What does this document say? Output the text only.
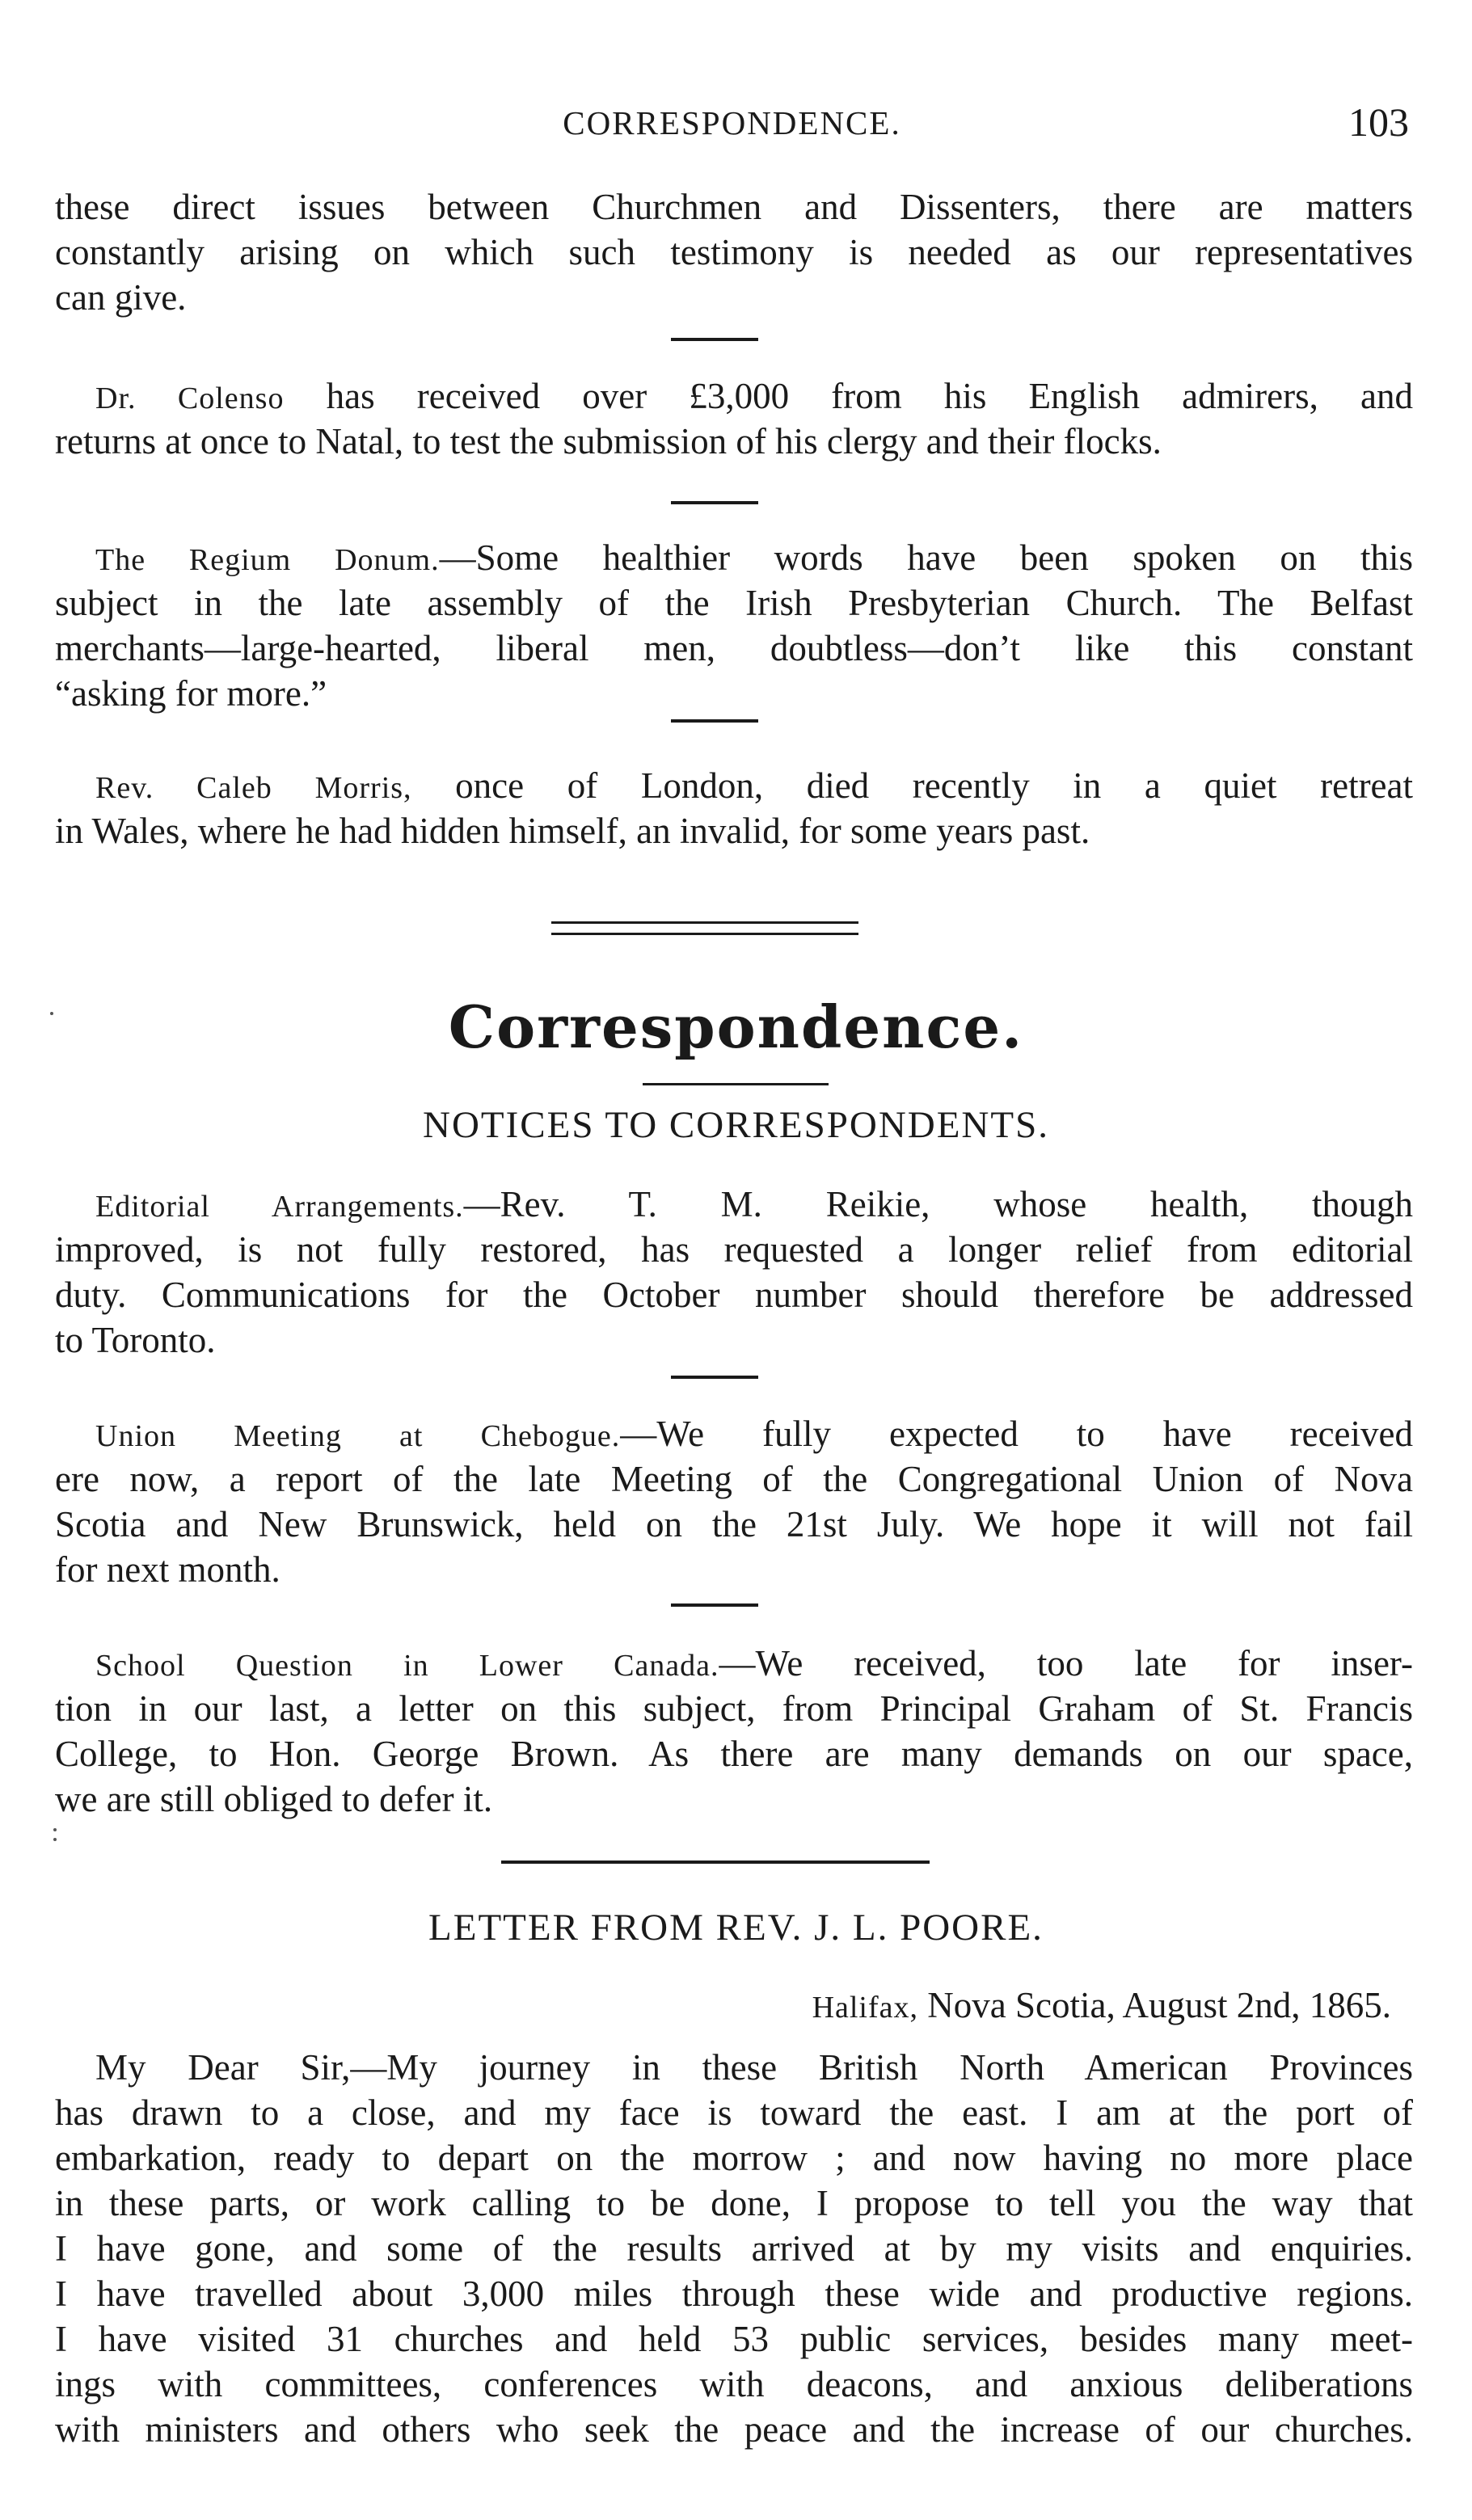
CORRESPONDENCE.	103
these direct issues between Churchmen and Dissenters, there are matters
constantly arising on which such testimony is needed as our representatives
can give.
Dr. Colenso has received over £3,000 from his English admirers, and
returns at once to Natal, to test the submission of his clergy and their flocks.
The Regium Donum.—Some healthier words have been spoken on this
subject in the late assembly of the Irish Presbyterian Church. The Belfast
merchants—large-hearted, liberal men, doubtless—don’t like this constant
“asking for more.”
Rev. Caleb Morris, once of London, died recently in a quiet retreat
in Wales, where he had hidden himself, an invalid, for some years past.
Correspondence.
NOTICES TO CORRESPONDENTS.
Editorial Arrangements.—Rev. T. M. Reikie, whose health, though
improved, is not fully restored, has requested a longer relief from editorial
duty. Communications for the October number should therefore be addressed
to Toronto.
Union Meeting at Chebogue.—We fully expected to have received
ere now, a report of the late Meeting of the Congregational Union of Nova
Scotia and New Brunswick, held on the 21st July. We hope it will not fail
for next month.
School Question in Lower Canada.—We received, too late for inser-
tion in our last, a letter on this subject, from Principal Graham of St. Francis
College, to Hon. George Brown. As there are many demands on our space,
we are still obliged to defer it.
LETTER FROM REV. J. L. POORE.
Halifax, Nova Scotia, August 2nd, 1865.
My Dear Sir,—My journey in these British North American Provinces
has drawn to a close, and my face is toward the east. I am at the port of
embarkation, ready to depart on the morrow ; and now having no more place
in these parts, or work calling to be done, I propose to tell you the way that
I have gone, and some of the results arrived at by my visits and enquiries.
I have travelled about 3,000 miles through these wide and productive regions.
I have visited 31 churches and held 53 public services, besides many meet-
ings with committees, conferences with deacons, and anxious deliberations
with ministers and others who seek the peace and the increase of our churches.
